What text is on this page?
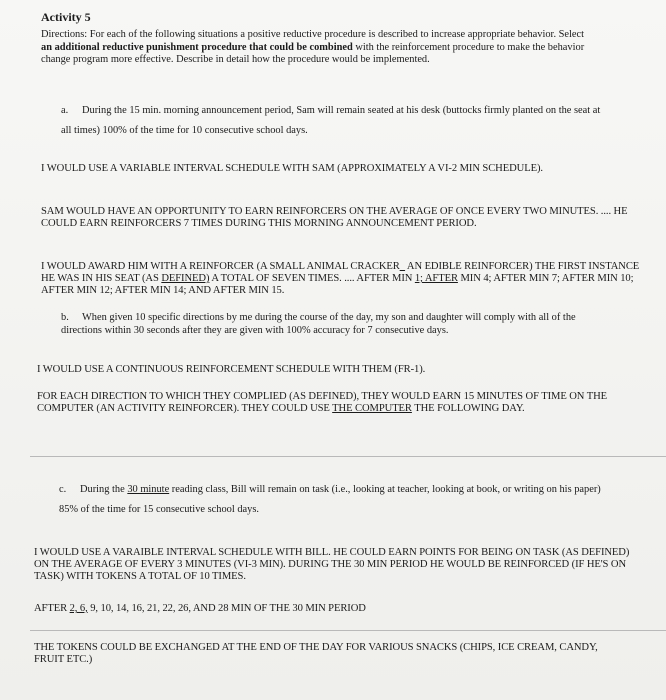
Activity 5

Directions: For each of the following situations a positive reductive procedure is described to increase appropriate behavior. Select an additional reductive punishment procedure that could be combined with the reinforcement procedure to make the behavior change program more effective. Describe in detail how the procedure would be implemented.

a. During the 15 min. morning announcement period, Sam will remain seated at his desk (buttocks firmly planted on the seat at all times) 100% of the time for 10 consecutive school days.

I WOULD USE A VARIABLE INTERVAL SCHEDULE WITH SAM (APPROXIMATELY A VI-2 MIN SCHEDULE).

SAM WOULD HAVE AN OPPORTUNITY TO EARN REINFORCERS ON THE AVERAGE OF ONCE EVERY TWO MINUTES. .... HE COULD EARN REINFORCERS 7 TIMES DURING THIS MORNING ANNOUNCEMENT PERIOD.

I WOULD AWARD HIM WITH A REINFORCER (A SMALL ANIMAL CRACKER_ AN EDIBLE REINFORCER) THE FIRST INSTANCE HE WAS IN HIS SEAT (AS DEFINED) A TOTAL OF SEVEN TIMES. .... AFTER MIN 1; AFTER MIN 4; AFTER MIN 7; AFTER MIN 10; AFTER MIN 12; AFTER MIN 14; AND AFTER MIN 15.

b. When given 10 specific directions by me during the course of the day, my son and daughter will comply with all of the directions within 30 seconds after they are given with 100% accuracy for 7 consecutive days.

I WOULD USE A CONTINUOUS REINFORCEMENT SCHEDULE WITH THEM (FR-1).

FOR EACH DIRECTION TO WHICH THEY COMPLIED (AS DEFINED), THEY WOULD EARN 15 MINUTES OF TIME ON THE COMPUTER (AN ACTIVITY REINFORCER). THEY COULD USE THE COMPUTER THE FOLLOWING DAY.

c. During the 30 minute reading class, Bill will remain on task (i.e., looking at teacher, looking at book, or writing on his paper) 85% of the time for 15 consecutive school days.

I WOULD USE A VARAIBLE INTERVAL SCHEDULE WITH BILL. HE COULD EARN POINTS FOR BEING ON TASK (AS DEFINED) ON THE AVERAGE OF EVERY 3 MINUTES (VI-3 MIN). DURING THE 30 MIN PERIOD HE WOULD BE REINFORCED (IF HE'S ON TASK) WITH TOKENS A TOTAL OF 10 TIMES.

AFTER 2, 6, 9, 10, 14, 16, 21, 22, 26, AND 28 MIN OF THE 30 MIN PERIOD

THE TOKENS COULD BE EXCHANGED AT THE END OF THE DAY FOR VARIOUS SNACKS (CHIPS, ICE CREAM, CANDY, FRUIT ETC.)
